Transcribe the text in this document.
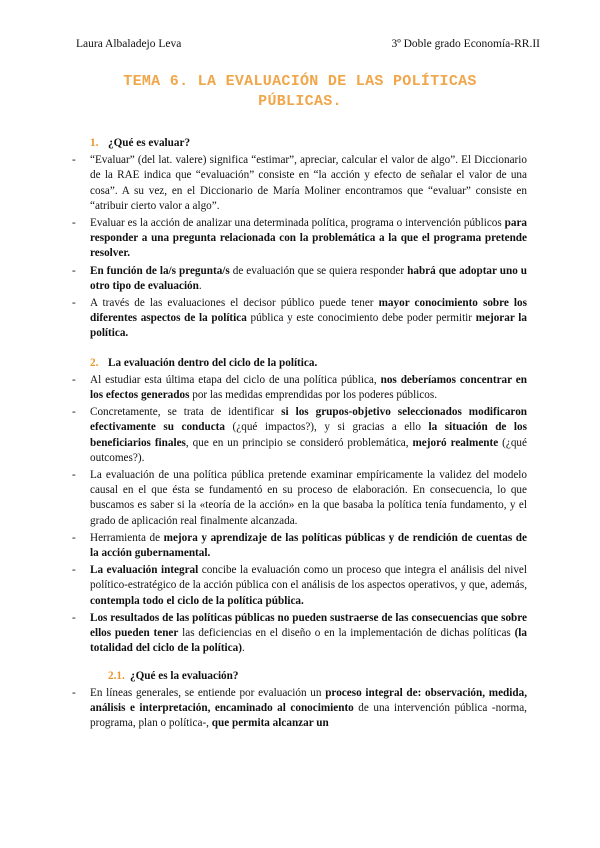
Laura Albaladejo Leva	3º Doble grado Economía-RR.II
TEMA 6. LA EVALUACIÓN DE LAS POLÍTICAS
PÚBLICAS.
1. ¿Qué es evaluar?
- “Evaluar” (del lat. valere) significa “estimar”, apreciar, calcular el valor de algo”. El Diccionario de la RAE indica que “evaluación” consiste en “la acción y efecto de señalar el valor de una cosa”. A su vez, en el Diccionario de María Moliner encontramos que “evaluar” consiste en “atribuir cierto valor a algo”.
- Evaluar es la acción de analizar una determinada política, programa o intervención públicos para responder a una pregunta relacionada con la problemática a la que el programa pretende resolver.
- En función de la/s pregunta/s de evaluación que se quiera responder habrá que adoptar uno u otro tipo de evaluación.
- A través de las evaluaciones el decisor público puede tener mayor conocimiento sobre los diferentes aspectos de la política pública y este conocimiento debe poder permitir mejorar la política.
2. La evaluación dentro del ciclo de la política.
- Al estudiar esta última etapa del ciclo de una política pública, nos deberíamos concentrar en los efectos generados por las medidas emprendidas por los poderes públicos.
- Concretamente, se trata de identificar si los grupos-objetivo seleccionados modificaron efectivamente su conducta (¿qué impactos?), y si gracias a ello la situación de los beneficiarios finales, que en un principio se consideró problemática, mejoró realmente (¿qué outcomes?).
- La evaluación de una política pública pretende examinar empíricamente la validez del modelo causal en el que ésta se fundamentó en su proceso de elaboración. En consecuencia, lo que buscamos es saber si la «teoría de la acción» en la que basaba la política tenía fundamento, y el grado de aplicación real finalmente alcanzada.
- Herramienta de mejora y aprendizaje de las políticas públicas y de rendición de cuentas de la acción gubernamental.
- La evaluación integral concibe la evaluación como un proceso que integra el análisis del nivel político-estratégico de la acción pública con el análisis de los aspectos operativos, y que, además, contempla todo el ciclo de la política pública.
- Los resultados de las políticas públicas no pueden sustraerse de las consecuencias que sobre ellos pueden tener las deficiencias en el diseño o en la implementación de dichas políticas (la totalidad del ciclo de la política).
2.1. ¿Qué es la evaluación?
- En líneas generales, se entiende por evaluación un proceso integral de: observación, medida, análisis e interpretación, encaminado al conocimiento de una intervención pública -norma, programa, plan o política-, que permita alcanzar un
